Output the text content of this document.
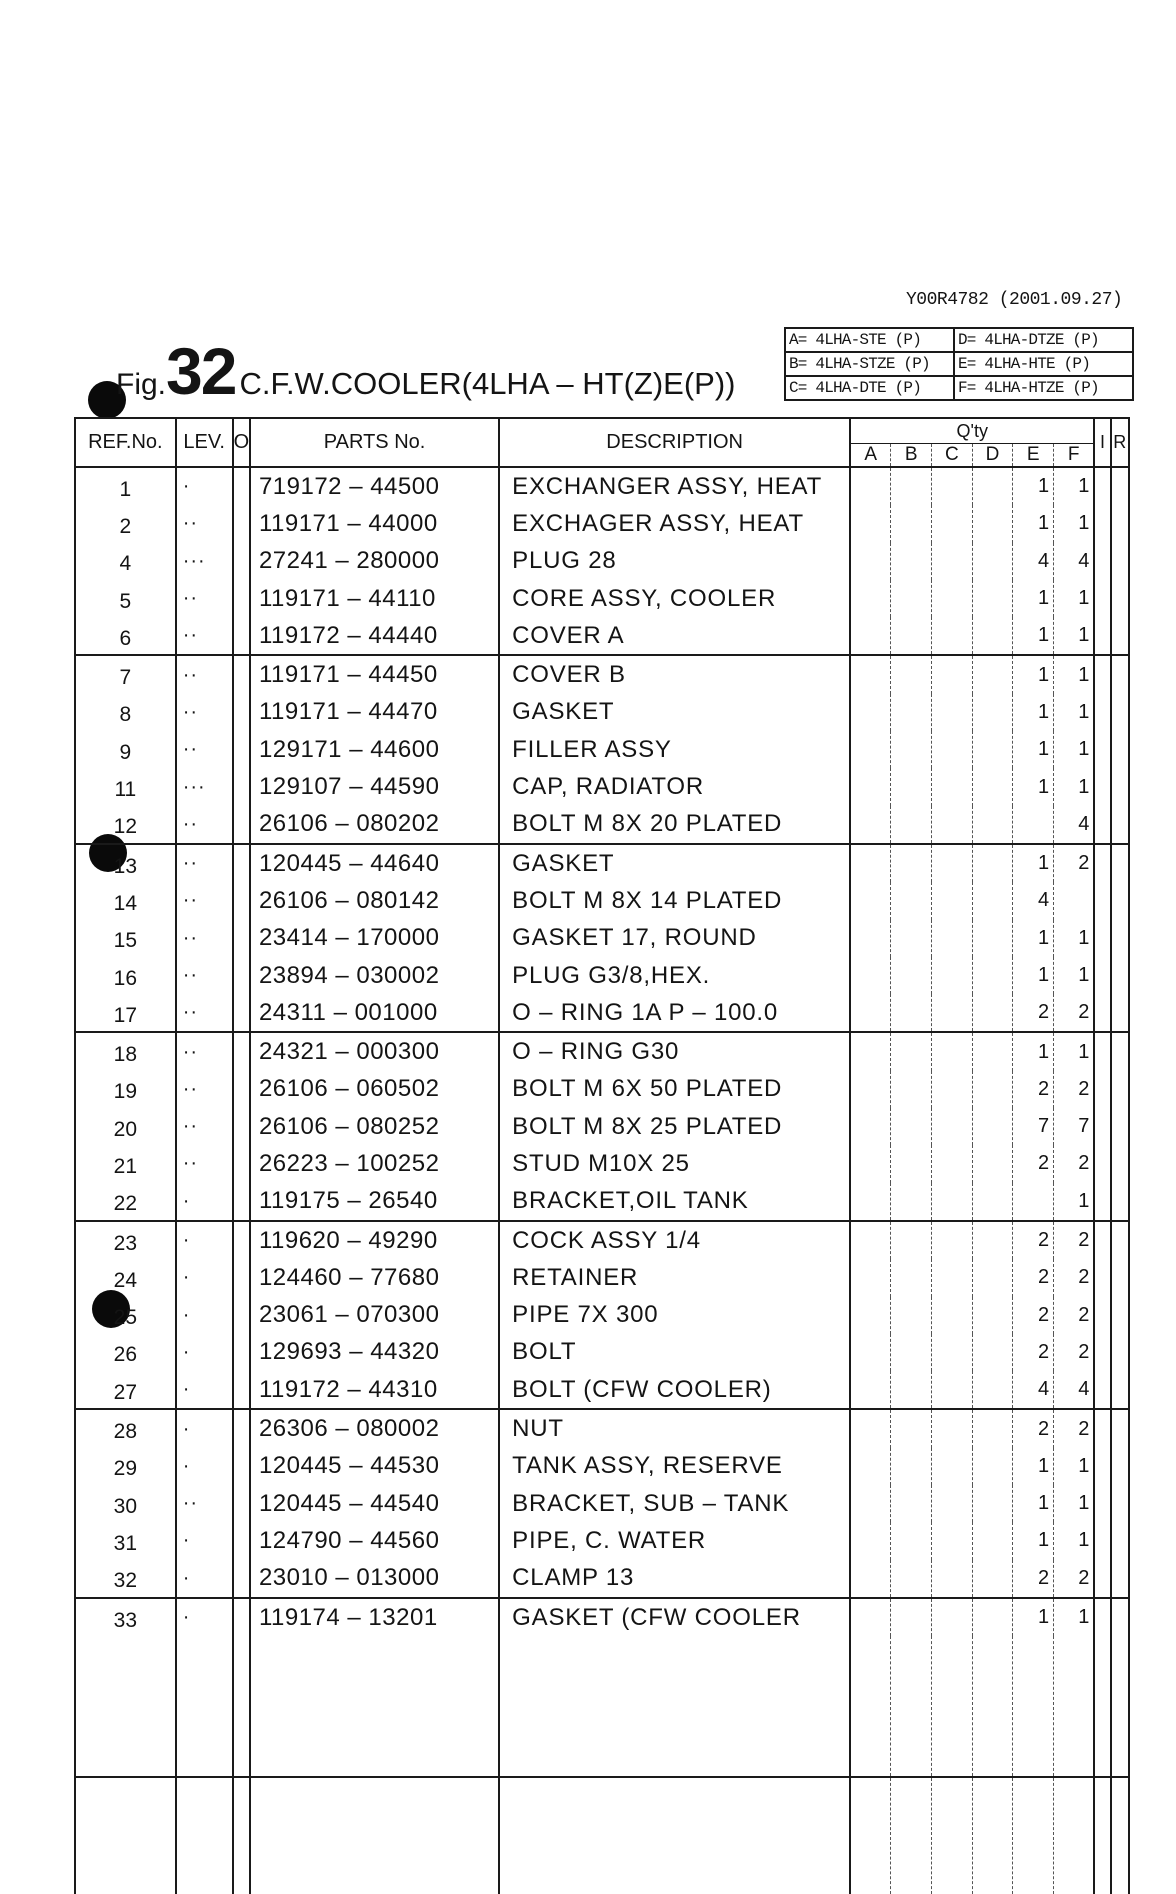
Y00R4782 (2001.09.27)
A= 4LHA-STE (P)	D= 4LHA-DTZE (P)
B= 4LHA-STZE (P)	E= 4LHA-HTE (P)
C= 4LHA-DTE (P)	F= 4LHA-HTZE (P)
Fig.32 C.F.W.COOLER(4LHA – HT(Z)E(P))
REF.No.	LEV.	O	PARTS No.	DESCRIPTION	Q'ty						I	R
					A	B	C	D	E	F		
1	·		719172 – 44500	EXCHANGER ASSY, HEAT					1	1		
2	··		119171 – 44000	EXCHAGER ASSY, HEAT					1	1		
4	···		27241 – 280000	PLUG 28					4	4		
5	··		119171 – 44110	CORE ASSY, COOLER					1	1		
6	··		119172 – 44440	COVER A					1	1		
7	··		119171 – 44450	COVER B					1	1		
8	··		119171 – 44470	GASKET					1	1		
9	··		129171 – 44600	FILLER ASSY					1	1		
11	···		129107 – 44590	CAP, RADIATOR					1	1		
12	··		26106 – 080202	BOLT M 8X 20 PLATED						4		
13	··		120445 – 44640	GASKET					1	2		
14	··		26106 – 080142	BOLT M 8X 14 PLATED					4			
15	··		23414 – 170000	GASKET 17, ROUND					1	1		
16	··		23894 – 030002	PLUG G3/8,HEX.					1	1		
17	··		24311 – 001000	O – RING 1A P – 100.0					2	2		
18	··		24321 – 000300	O – RING G30					1	1		
19	··		26106 – 060502	BOLT M 6X 50 PLATED					2	2		
20	··		26106 – 080252	BOLT M 8X 25 PLATED					7	7		
21	··		26223 – 100252	STUD M10X 25					2	2		
22	·		119175 – 26540	BRACKET,OIL TANK						1		
23	·		119620 – 49290	COCK ASSY 1/4					2	2		
24	·		124460 – 77680	RETAINER					2	2		
25	·		23061 – 070300	PIPE 7X 300					2	2		
26	·		129693 – 44320	BOLT					2	2		
27	·		119172 – 44310	BOLT (CFW COOLER)					4	4		
28	·		26306 – 080002	NUT					2	2		
29	·		120445 – 44530	TANK ASSY, RESERVE					1	1		
30	··		120445 – 44540	BRACKET, SUB – TANK					1	1		
31	·		124790 – 44560	PIPE, C. WATER					1	1		
32	·		23010 – 013000	CLAMP 13					2	2		
33	·		119174 – 13201	GASKET (CFW COOLER					1	1		
